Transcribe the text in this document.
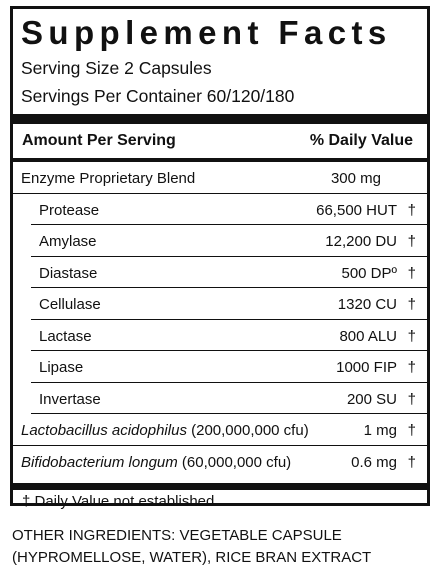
Supplement Facts
Serving Size 2 Capsules
Servings Per Container 60/120/180
Amount Per Serving	% Daily Value
Enzyme Proprietary Blend	300 mg
Protease	66,500 HUT †
Amylase	12,200 DU †
Diastase	500 DPº †
Cellulase	1320 CU †
Lactase	800 ALU †
Lipase	1000 FIP †
Invertase	200 SU †
Lactobacillus acidophilus (200,000,000 cfu)	1 mg †
Bifidobacterium longum (60,000,000 cfu)	0.6 mg †
† Daily Value not established
OTHER INGREDIENTS: VEGETABLE CAPSULE (HYPROMELLOSE, WATER), RICE BRAN EXTRACT
